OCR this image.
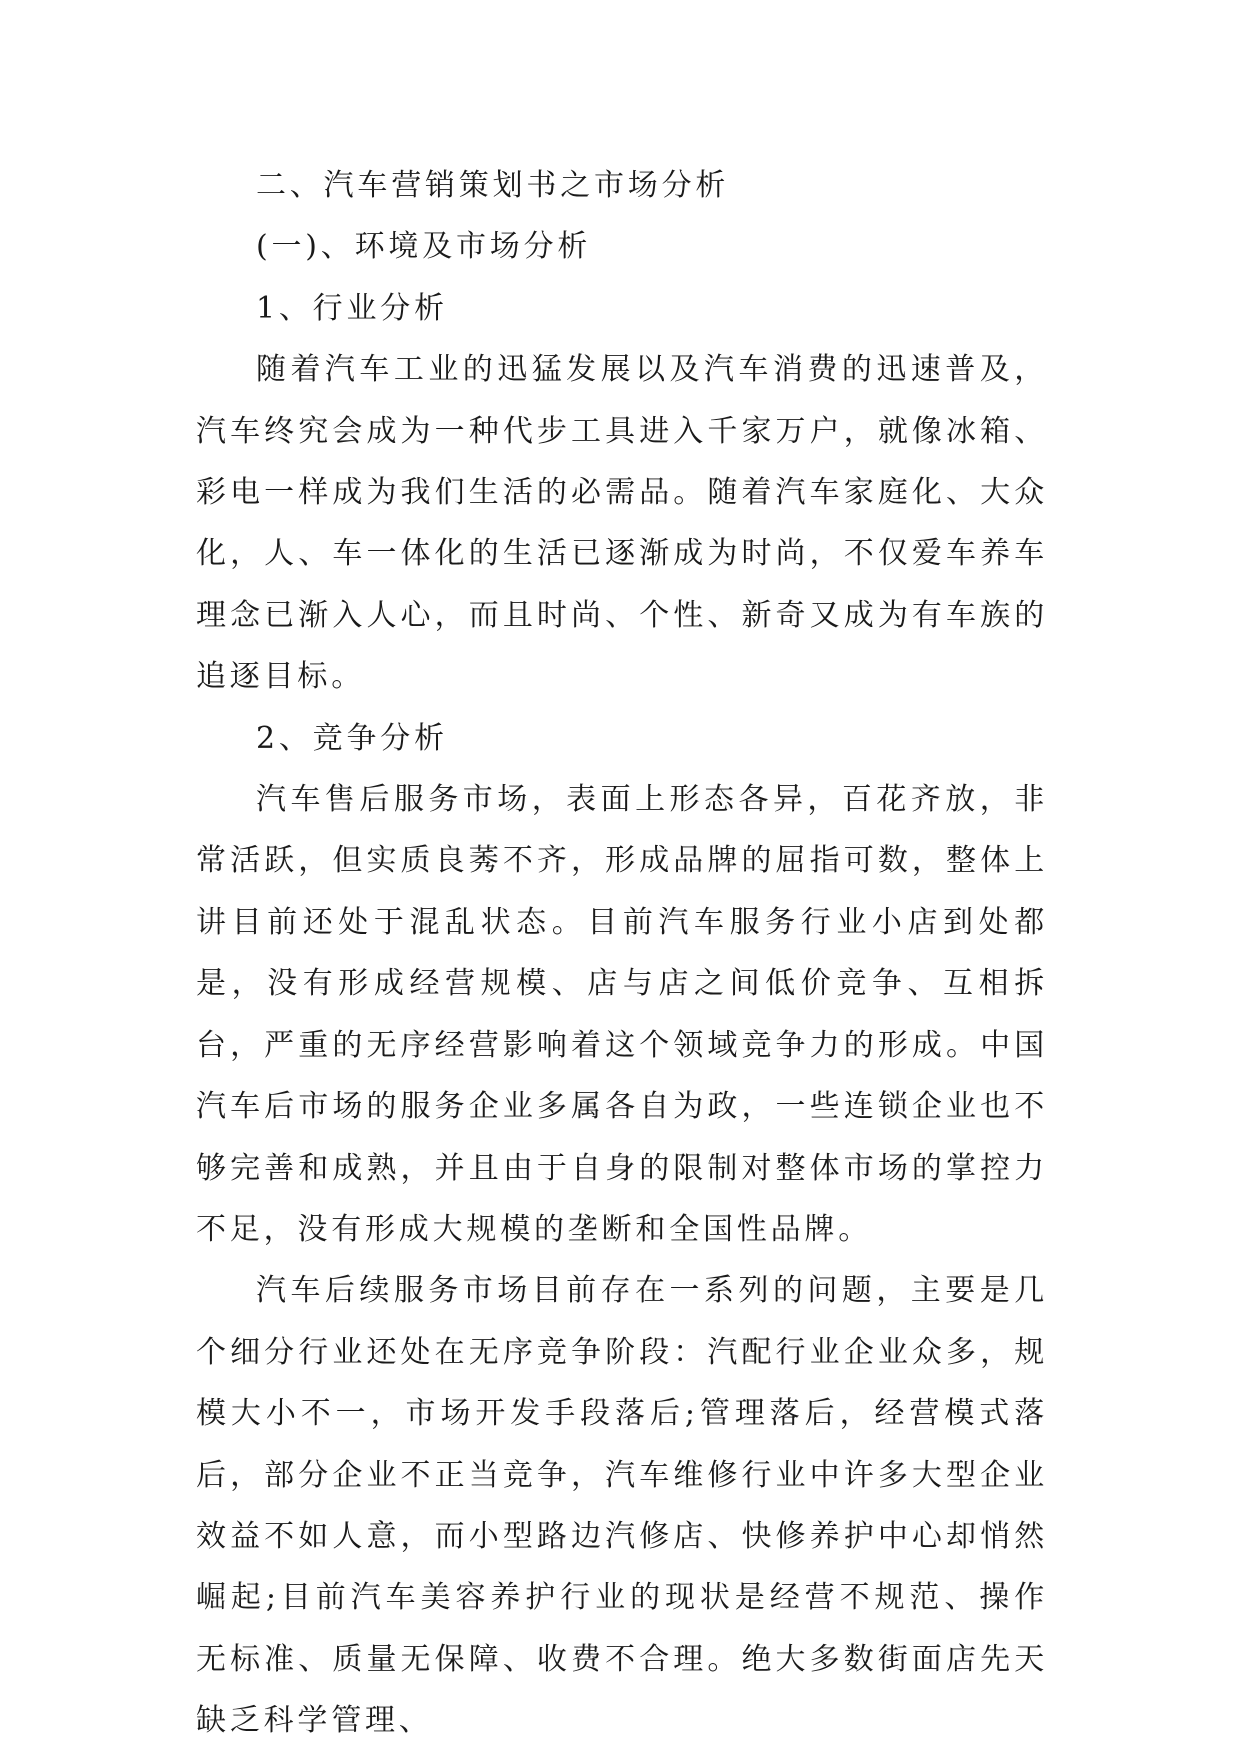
二、汽车营销策划书之市场分析

(一)、环境及市场分析

1、行业分析

随着汽车工业的迅猛发展以及汽车消费的迅速普及，汽车终究会成为一种代步工具进入千家万户，就像冰箱、彩电一样成为我们生活的必需品。随着汽车家庭化、大众化，人、车一体化的生活已逐渐成为时尚，不仅爱车养车理念已渐入人心，而且时尚、个性、新奇又成为有车族的追逐目标。

2、竞争分析

汽车售后服务市场，表面上形态各异，百花齐放，非常活跃，但实质良莠不齐，形成品牌的屈指可数，整体上讲目前还处于混乱状态。目前汽车服务行业小店到处都是，没有形成经营规模、店与店之间低价竞争、互相拆台，严重的无序经营影响着这个领域竞争力的形成。中国汽车后市场的服务企业多属各自为政，一些连锁企业也不够完善和成熟，并且由于自身的限制对整体市场的掌控力不足，没有形成大规模的垄断和全国性品牌。

汽车后续服务市场目前存在一系列的问题，主要是几个细分行业还处在无序竞争阶段：汽配行业企业众多，规模大小不一，市场开发手段落后;管理落后，经营模式落后，部分企业不正当竞争，汽车维修行业中许多大型企业效益不如人意，而小型路边汽修店、快修养护中心却悄然崛起;目前汽车美容养护行业的现状是经营不规范、操作无标准、质量无保障、收费不合理。绝大多数街面店先天缺乏科学管理、
